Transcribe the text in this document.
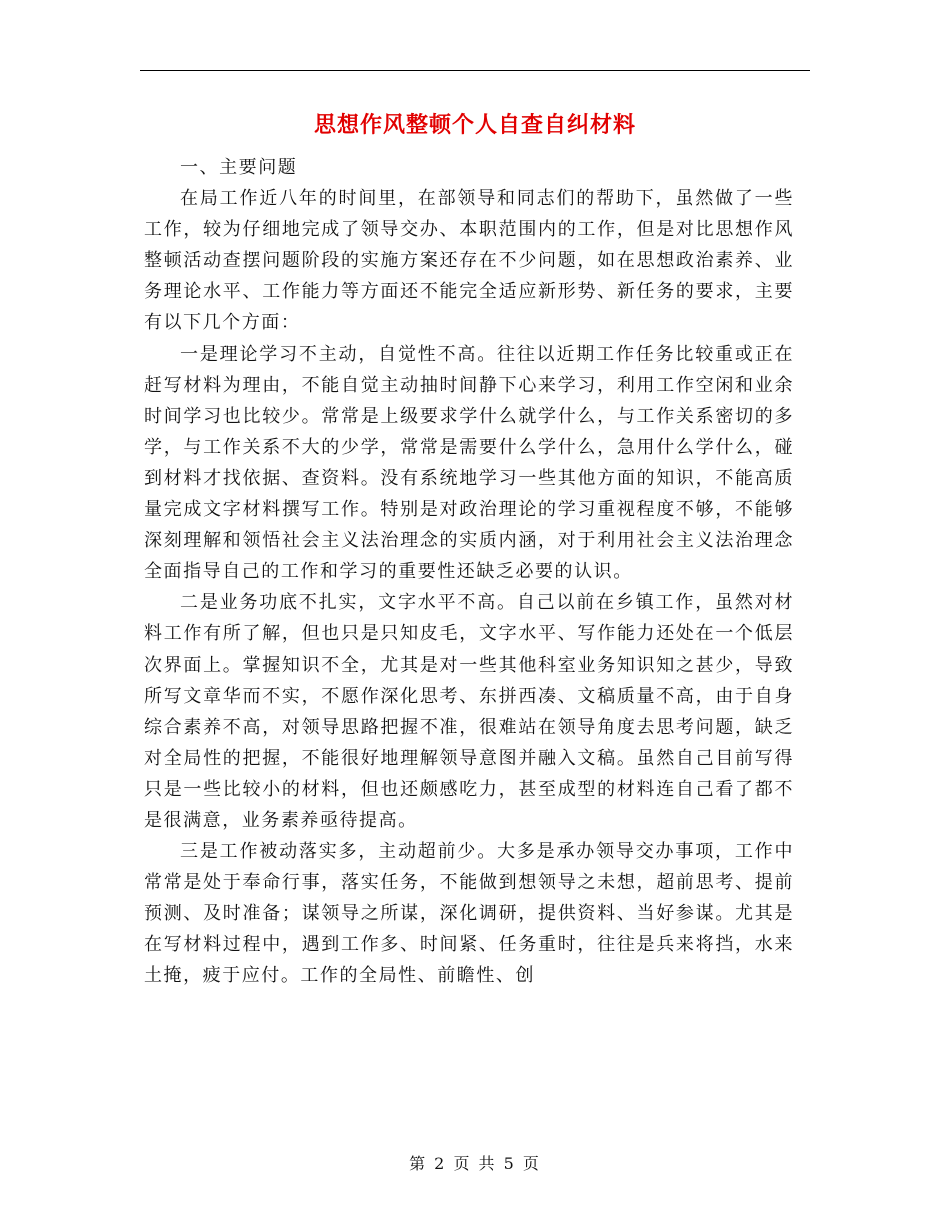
思想作风整顿个人自查自纠材料

一、主要问题

在局工作近八年的时间里，在部领导和同志们的帮助下，虽然做了一些工作，较为仔细地完成了领导交办、本职范围内的工作，但是对比思想作风整顿活动查摆问题阶段的实施方案还存在不少问题，如在思想政治素养、业务理论水平、工作能力等方面还不能完全适应新形势、新任务的要求，主要有以下几个方面：

一是理论学习不主动，自觉性不高。往往以近期工作任务比较重或正在赶写材料为理由，不能自觉主动抽时间静下心来学习，利用工作空闲和业余时间学习也比较少。常常是上级要求学什么就学什么，与工作关系密切的多学，与工作关系不大的少学，常常是需要什么学什么，急用什么学什么，碰到材料才找依据、查资料。没有系统地学习一些其他方面的知识，不能高质量完成文字材料撰写工作。特别是对政治理论的学习重视程度不够，不能够深刻理解和领悟社会主义法治理念的实质内涵，对于利用社会主义法治理念全面指导自己的工作和学习的重要性还缺乏必要的认识。

二是业务功底不扎实，文字水平不高。自己以前在乡镇工作，虽然对材料工作有所了解，但也只是只知皮毛，文字水平、写作能力还处在一个低层次界面上。掌握知识不全，尤其是对一些其他科室业务知识知之甚少，导致所写文章华而不实，不愿作深化思考、东拼西凑、文稿质量不高，由于自身综合素养不高，对领导思路把握不准，很难站在领导角度去思考问题，缺乏对全局性的把握，不能很好地理解领导意图并融入文稿。虽然自己目前写得只是一些比较小的材料，但也还颇感吃力，甚至成型的材料连自己看了都不是很满意，业务素养亟待提高。

三是工作被动落实多，主动超前少。大多是承办领导交办事项，工作中常常是处于奉命行事，落实任务，不能做到想领导之未想，超前思考、提前预测、及时准备；谋领导之所谋，深化调研，提供资料、当好参谋。尤其是在写材料过程中，遇到工作多、时间紧、任务重时，往往是兵来将挡，水来土掩，疲于应付。工作的全局性、前瞻性、创

第 2 页 共 5 页
